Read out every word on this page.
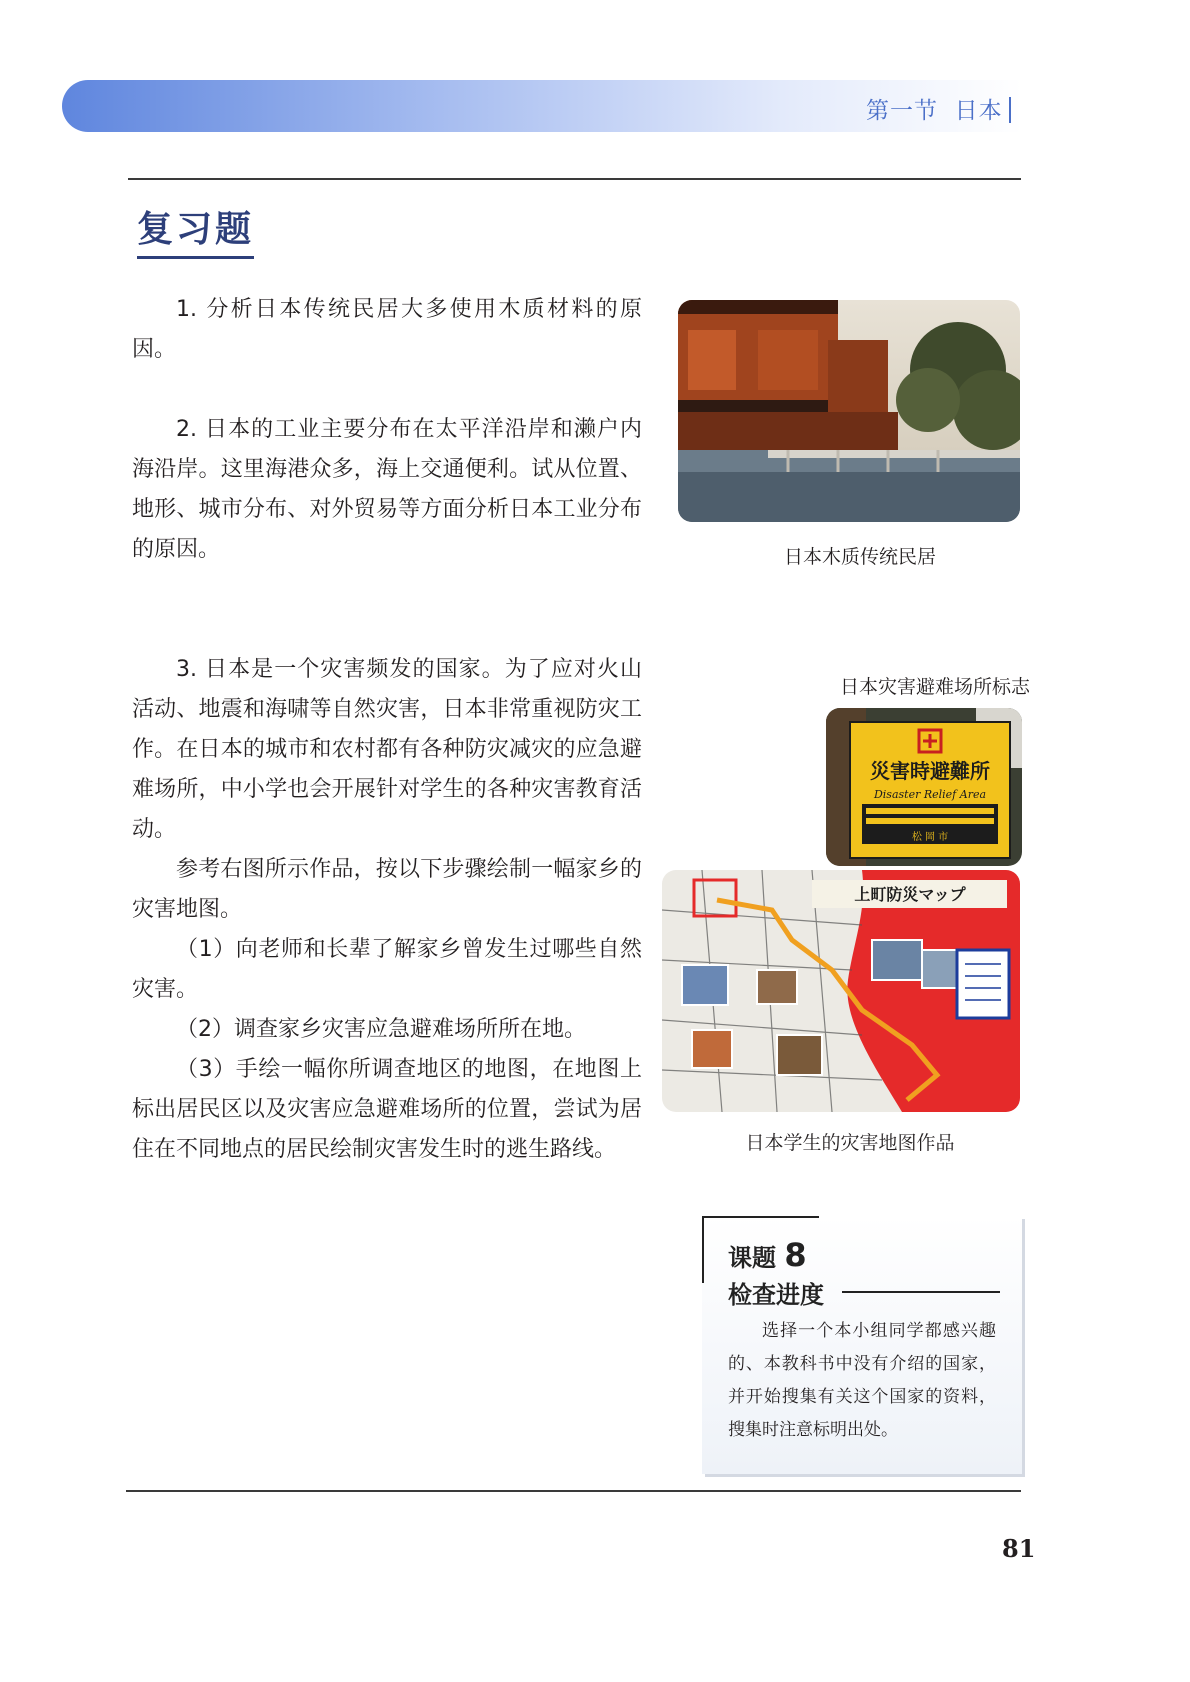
第一节 日本
复习题

1. 分析日本传统民居大多使用木质材料的原因。

2. 日本的工业主要分布在太平洋沿岸和濑户内海沿岸。这里海港众多，海上交通便利。试从位置、地形、城市分布、对外贸易等方面分析日本工业分布的原因。

3. 日本是一个灾害频发的国家。为了应对火山活动、地震和海啸等自然灾害，日本非常重视防灾工作。在日本的城市和农村都有各种防灾减灾的应急避难场所，中小学也会开展针对学生的各种灾害教育活动。

参考右图所示作品，按以下步骤绘制一幅家乡的灾害地图。

（1）向老师和长辈了解家乡曾发生过哪些自然灾害。

（2）调查家乡灾害应急避难场所所在地。

（3）手绘一幅你所调查地区的地图，在地图上标出居民区以及灾害应急避难场所的位置，尝试为居住在不同地点的居民绘制灾害发生时的逃生路线。

日本木质传统民居
日本灾害避难场所标志
災害時避難所
Disaster Relief Area
松 岡 市
上町防災マップ
日本学生的灾害地图作品
课题 8
检查进度

选择一个本小组同学都感兴趣的、本教科书中没有介绍的国家，并开始搜集有关这个国家的资料，搜集时注意标明出处。

81
